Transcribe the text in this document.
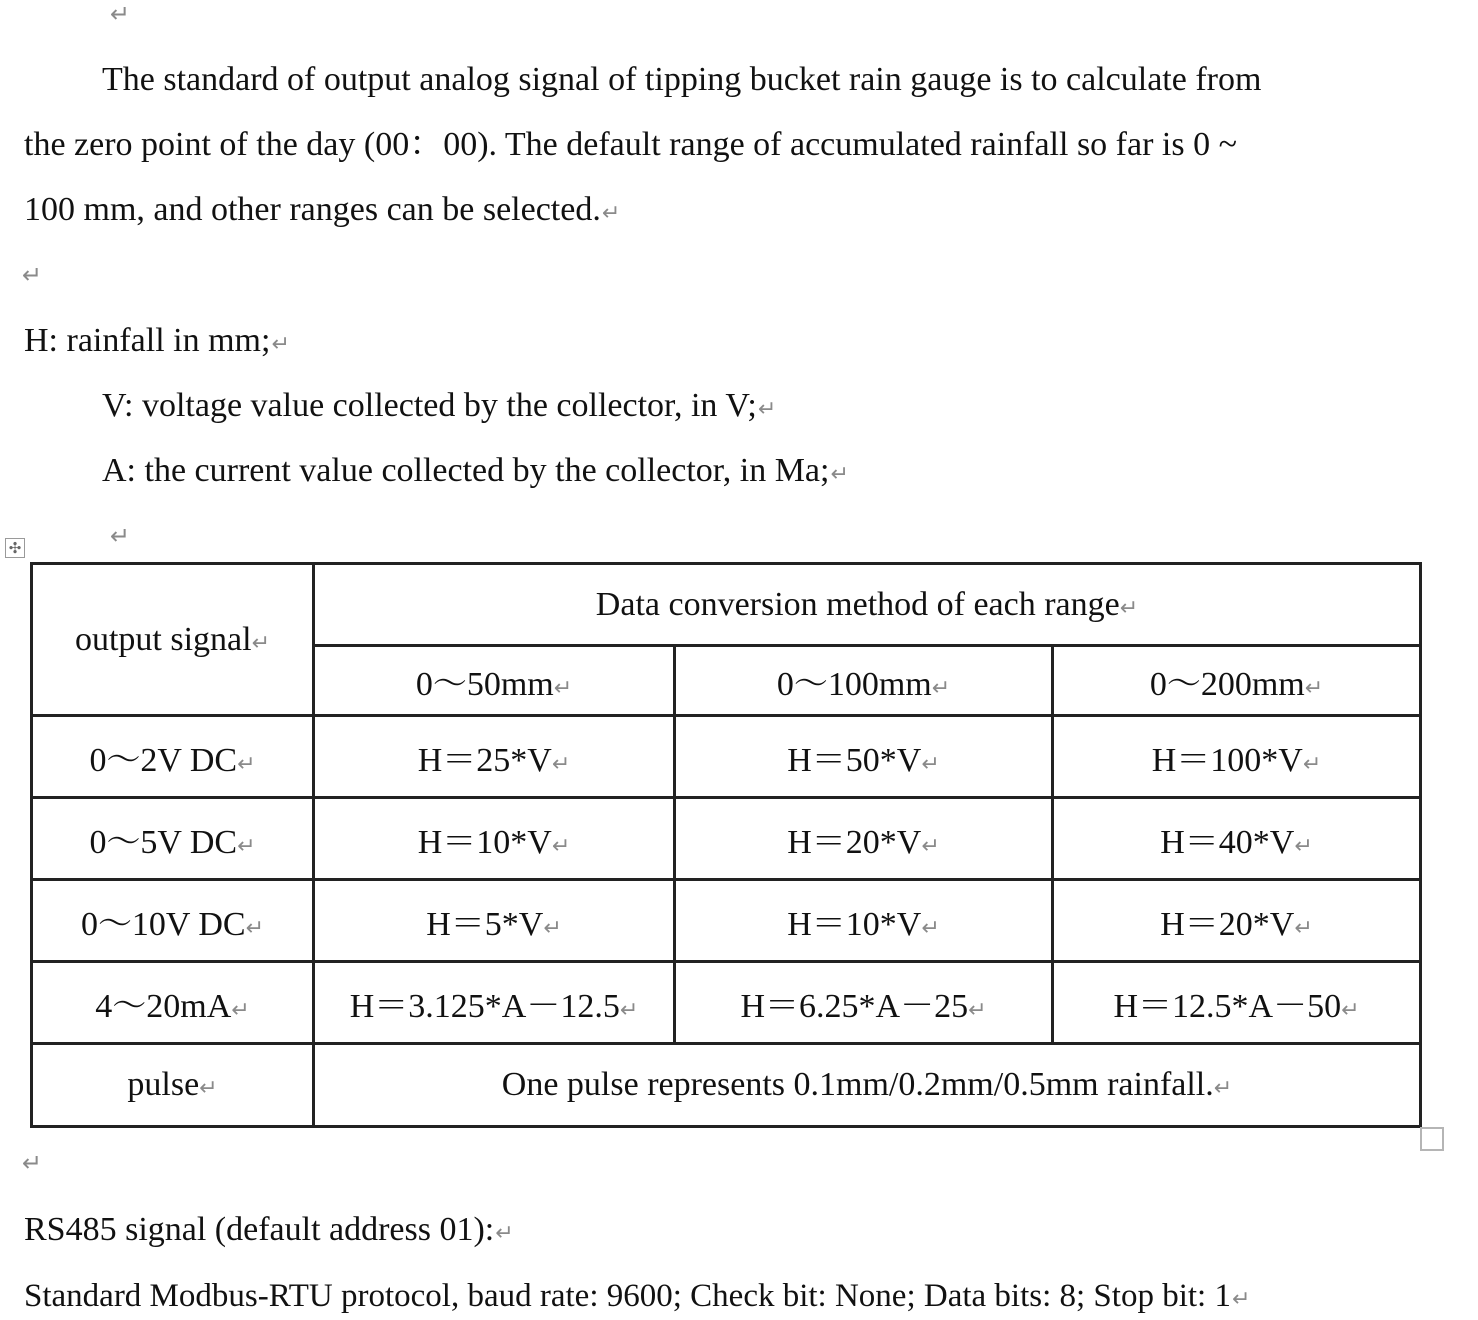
↵
↵
↵
↵
The standard of output analog signal of tipping bucket rain gauge is to calculate from
the zero point of the day (00：00). The default range of accumulated rainfall so far is 0 ~
100 mm, and other ranges can be selected.↵
H: rainfall in mm;↵
V: voltage value collected by the collector, in V;↵
A: the current value collected by the collector, in Ma;↵
✣
output signal↵	Data conversion method of each range↵		
	0～50mm↵	0～100mm↵	0～200mm↵
0～2V DC↵	H＝25*V↵	H＝50*V↵	H＝100*V↵
0～5V DC↵	H＝10*V↵	H＝20*V↵	H＝40*V↵
0～10V DC↵	H＝5*V↵	H＝10*V↵	H＝20*V↵
4～20mA↵	H＝3.125*A－12.5↵	H＝6.25*A－25↵	H＝12.5*A－50↵
pulse↵	One pulse represents 0.1mm/0.2mm/0.5mm rainfall.↵		
RS485 signal (default address 01):↵
Standard Modbus-RTU protocol, baud rate: 9600; Check bit: None; Data bits: 8; Stop bit: 1↵
